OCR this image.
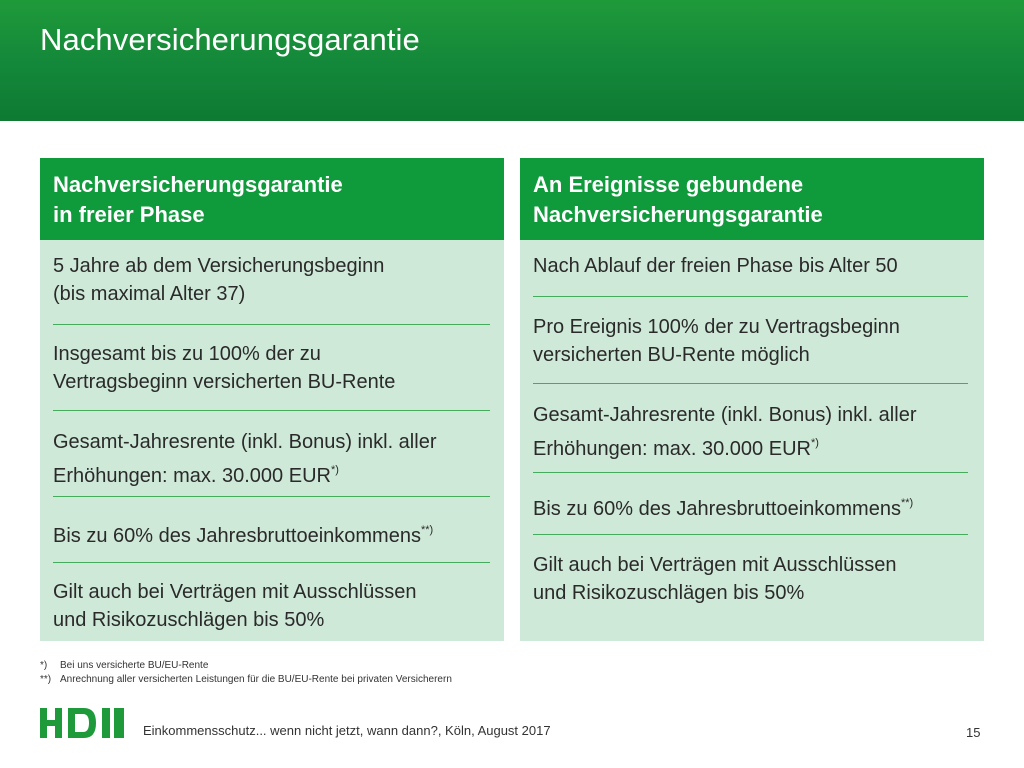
Nachversicherungsgarantie
Nachversicherungsgarantie
in freier Phase
5 Jahre ab dem Versicherungsbeginn
(bis maximal Alter 37)
Insgesamt bis zu 100% der zu
Vertragsbeginn versicherten BU-Rente
Gesamt-Jahresrente (inkl. Bonus) inkl. aller
Erhöhungen: max. 30.000 EUR*)
Bis zu 60% des Jahresbruttoeinkommens**)
Gilt auch bei Verträgen mit Ausschlüssen
und Risikozuschlägen bis 50%
An Ereignisse gebundene
Nachversicherungsgarantie
Nach Ablauf der freien Phase bis Alter 50
Pro Ereignis 100% der zu Vertragsbeginn
versicherten BU-Rente möglich
Gesamt-Jahresrente (inkl. Bonus) inkl. aller
Erhöhungen: max. 30.000 EUR*)
Bis zu 60% des Jahresbruttoeinkommens**)
Gilt auch bei Verträgen mit Ausschlüssen
und Risikozuschlägen bis 50%
*) Bei uns versicherte BU/EU-Rente
**) Anrechnung aller versicherten Leistungen für die BU/EU-Rente bei privaten Versicherern
Einkommensschutz... wenn nicht jetzt, wann dann?, Köln, August 2017	15
